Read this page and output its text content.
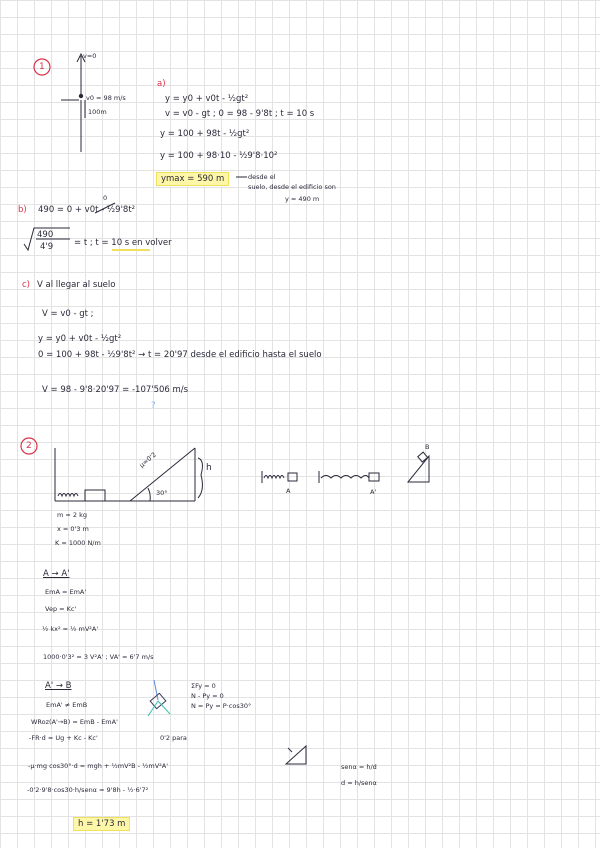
1
v=0
v0 = 98 m/s
100m
a)
y = y0 + v0t - ½gt²
v = v0 - gt ; 0 = 98 - 9'8t ; t = 10 s
y = 100 + 98t - ½gt²
y = 100 + 98·10 - ½9'8·10²
ymax = 590 m	desde el
suelo, desde el edificio son
y = 490 m
b) 490 = 0 + v0t - ½9'8t²
0
490
4'9 = t ; t = 10 s en volver
c) V al llegar al suelo
V = v0 - gt ;
y = y0 + v0t - ½gt²
0 = 100 + 98t - ½9'8t² → t = 20'97 desde el edificio hasta el suelo
V = 98 - 9'8·20'97 = -107'506 m/s
?
2
μ=0'2
30°
h
A	A'
B
m = 2 kg
x = 0'3 m
K = 1000 N/m
A → A'
EmA = EmA'
Vep = Kc'
½ kx² = ½ mV²A'
1000·0'3² = 3 V²A' ; VA' = 6'7 m/s
A' → B
EmA' ≠ EmB
WRoz(A'→B) = EmB - EmA'
-FR·d = Ug + Kc - Kc'	0'2 para
-μ·mg cos30°·d = mgh + ½mV²B - ½mV²A'
-0'2·9'8·cos30·h/senα = 9'8h - ½·6'7²
ΣFy = 0
N - Py = 0
N = Py = P·cos30°
senα = h/d
d = h/senα
h = 1'73 m
